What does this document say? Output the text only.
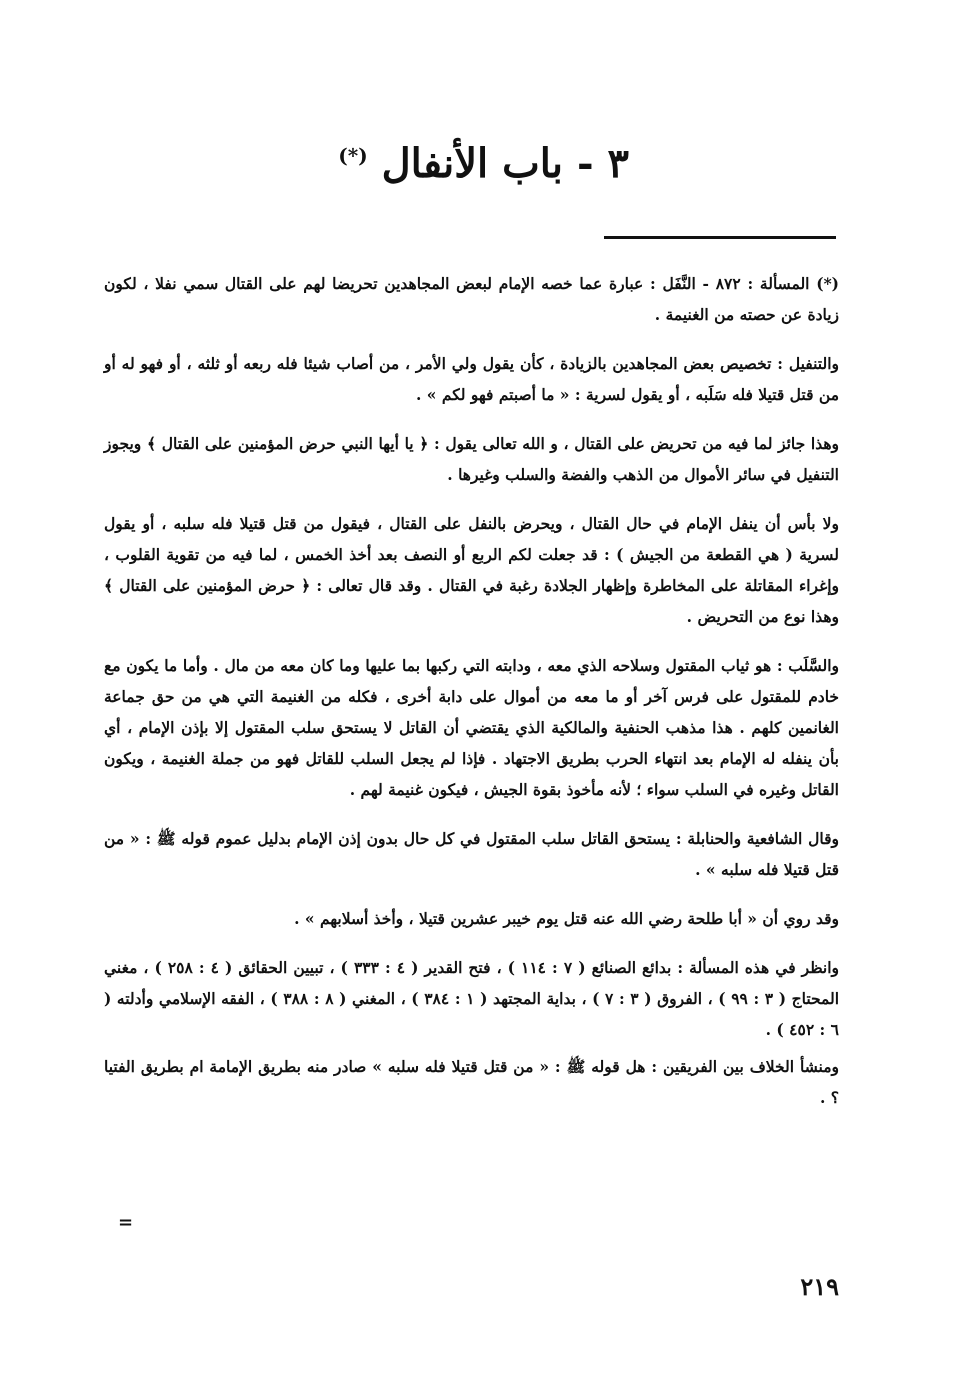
٣ - باب الأنفال (*)

(*) المسألة : ٨٧٢ - النَّفَل : عبارة عما خصه الإمام لبعض المجاهدين تحريضا لهم على القتال سمي نفلا ، لكون زيادة عن حصته من الغنيمة .

والتنفيل : تخصيص بعض المجاهدين بالزيادة ، كأن يقول ولي الأمر ، من أصاب شيئا فله ربعه أو ثلثه ، أو فهو له أو من قتل قتيلا فله سَلَبه ، أو يقول لسرية : « ما أصبتم فهو لكم » .

وهذا جائز لما فيه من تحريض على القتال ، و الله تعالى يقول : ﴿ يا أيها النبي حرض المؤمنين على القتال ﴾ ويجوز التنفيل في سائر الأموال من الذهب والفضة والسلب وغيرها .

ولا بأس أن ينفل الإمام في حال القتال ، ويحرض بالنفل على القتال ، فيقول من قتل قتيلا فله سلبه ، أو يقول لسرية ( هي القطعة من الجيش ) : قد جعلت لكم الربع أو النصف بعد أخذ الخمس ، لما فيه من تقوية القلوب ، وإغراء المقاتلة على المخاطرة وإظهار الجلادة رغبة في القتال . وقد قال تعالى : ﴿ حرض المؤمنين على القتال ﴾ وهذا نوع من التحريض .

والسَّلَب : هو ثياب المقتول وسلاحه الذي معه ، ودابته التي ركبها بما عليها وما كان معه من مال . وأما ما يكون مع خادم للمقتول على فرس آخر أو ما معه من أموال على دابة أخرى ، فكله من الغنيمة التي هي من حق جماعة الغانمين كلهم . هذا مذهب الحنفية والمالكية الذي يقتضي أن القاتل لا يستحق سلب المقتول إلا بإذن الإمام ، أي بأن ينفله له الإمام بعد انتهاء الحرب بطريق الاجتهاد . فإذا لم يجعل السلب للقاتل فهو من جملة الغنيمة ، ويكون القاتل وغيره في السلب سواء ؛ لأنه مأخوذ بقوة الجيش ، فيكون غنيمة لهم .

وقال الشافعية والحنابلة : يستحق القاتل سلب المقتول في كل حال بدون إذن الإمام بدليل عموم قوله ﷺ : « من قتل قتيلا فله سلبه » .

وقد روي أن « أبا طلحة رضي الله عنه قتل يوم خيبر عشرين قتيلا ، وأخذ أسلابهم » .

وانظر في هذه المسألة : بدائع الصنائع ( ٧ : ١١٤ ) ، فتح القدير ( ٤ : ٣٣٣ ) ، تبيين الحقائق ( ٤ : ٢٥٨ ) ، مغني المحتاج ( ٣ : ٩٩ ) ، الفروق ( ٣ : ٧ ) ، بداية المجتهد ( ١ : ٣٨٤ ) ، المغني ( ٨ : ٣٨٨ ) ، الفقه الإسلامي وأدلته ( ٦ : ٤٥٢ ) .

ومنشأ الخلاف بين الفريقين : هل قوله ﷺ : « من قتل قتيلا فله سلبه » صادر منه بطريق الإمامة ام بطريق الفتيا ؟ .

=
٢١٩
